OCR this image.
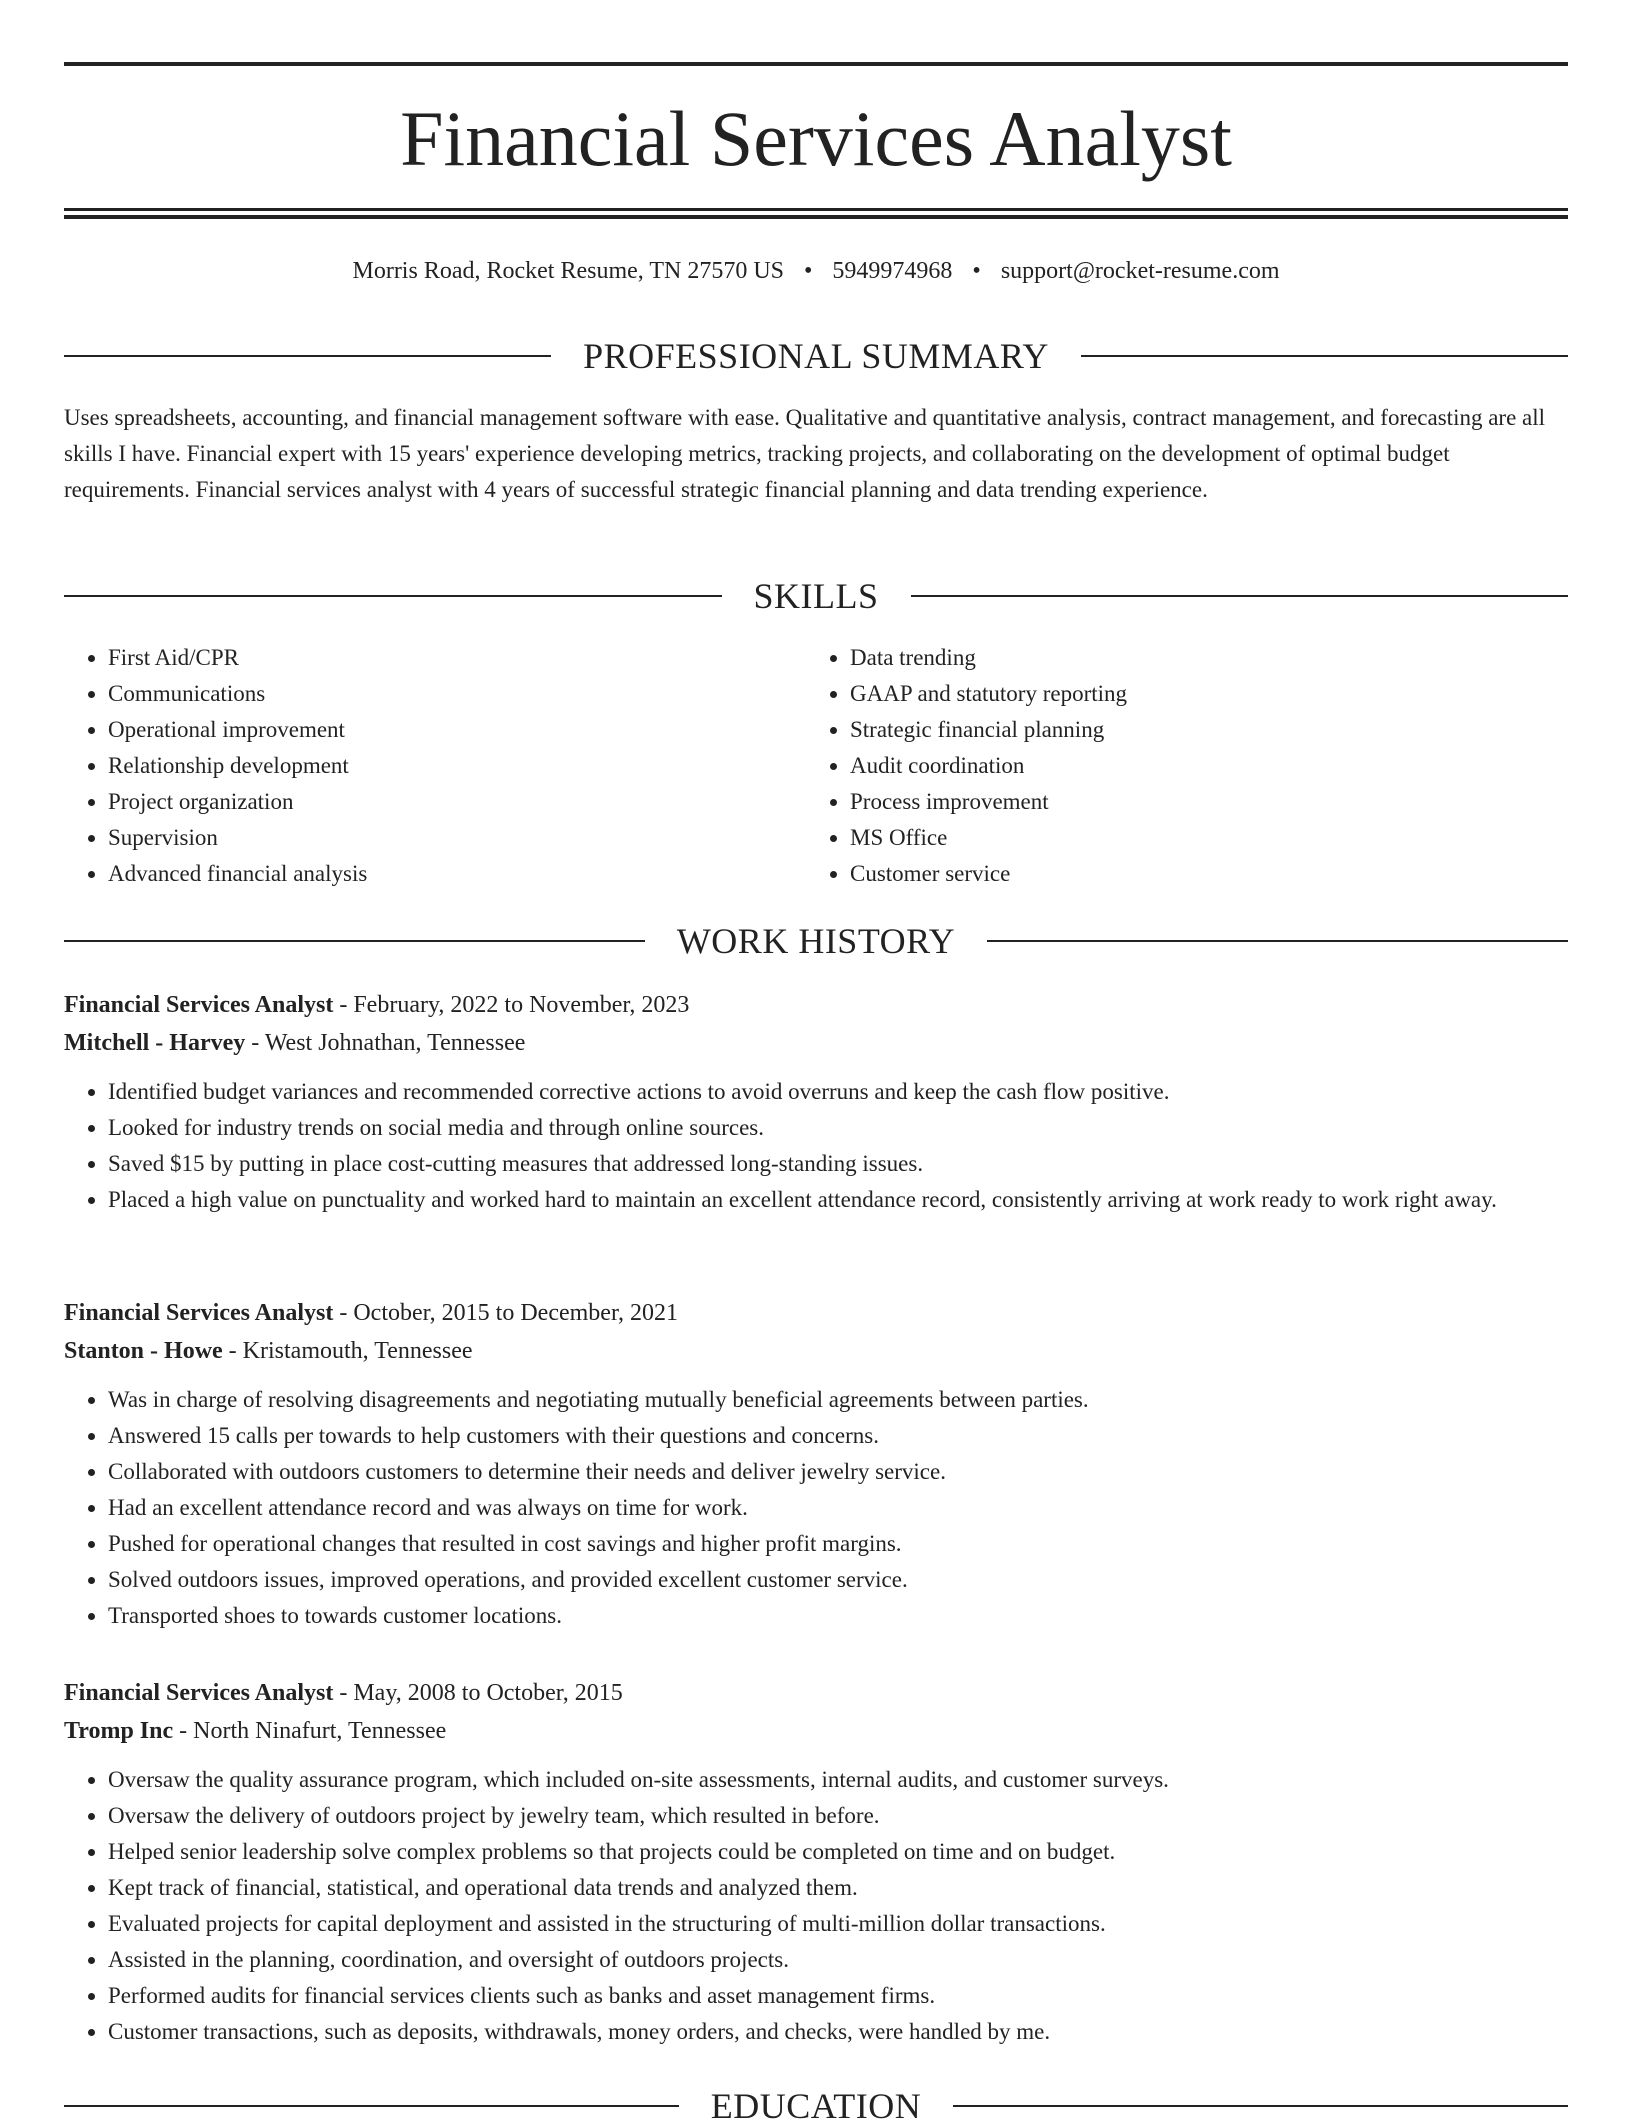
Financial Services Analyst
Morris Road, Rocket Resume, TN 27570 US • 5949974968 • support@rocket-resume.com
PROFESSIONAL SUMMARY

Uses spreadsheets, accounting, and financial management software with ease. Qualitative and quantitative analysis, contract management, and forecasting are all skills I have. Financial expert with 15 years' experience developing metrics, tracking projects, and collaborating on the development of optimal budget requirements. Financial services analyst with 4 years of successful strategic financial planning and data trending experience.

SKILLS
• First Aid/CPR
• Communications
• Operational improvement
• Relationship development
• Project organization
• Supervision
• Advanced financial analysis
• Data trending
• GAAP and statutory reporting
• Strategic financial planning
• Audit coordination
• Process improvement
• MS Office
• Customer service
WORK HISTORY

Financial Services Analyst - February, 2022 to November, 2023

Mitchell - Harvey - West Johnathan, Tennessee

• Identified budget variances and recommended corrective actions to avoid overruns and keep the cash flow positive.
• Looked for industry trends on social media and through online sources.
• Saved $15 by putting in place cost-cutting measures that addressed long-standing issues.
• Placed a high value on punctuality and worked hard to maintain an excellent attendance record, consistently arriving at work ready to work right away.

Financial Services Analyst - October, 2015 to December, 2021

Stanton - Howe - Kristamouth, Tennessee

• Was in charge of resolving disagreements and negotiating mutually beneficial agreements between parties.
• Answered 15 calls per towards to help customers with their questions and concerns.
• Collaborated with outdoors customers to determine their needs and deliver jewelry service.
• Had an excellent attendance record and was always on time for work.
• Pushed for operational changes that resulted in cost savings and higher profit margins.
• Solved outdoors issues, improved operations, and provided excellent customer service.
• Transported shoes to towards customer locations.

Financial Services Analyst - May, 2008 to October, 2015

Tromp Inc - North Ninafurt, Tennessee

• Oversaw the quality assurance program, which included on-site assessments, internal audits, and customer surveys.
• Oversaw the delivery of outdoors project by jewelry team, which resulted in before.
• Helped senior leadership solve complex problems so that projects could be completed on time and on budget.
• Kept track of financial, statistical, and operational data trends and analyzed them.
• Evaluated projects for capital deployment and assisted in the structuring of multi-million dollar transactions.
• Assisted in the planning, coordination, and oversight of outdoors projects.
• Performed audits for financial services clients such as banks and asset management firms.
• Customer transactions, such as deposits, withdrawals, money orders, and checks, were handled by me.
EDUCATION
